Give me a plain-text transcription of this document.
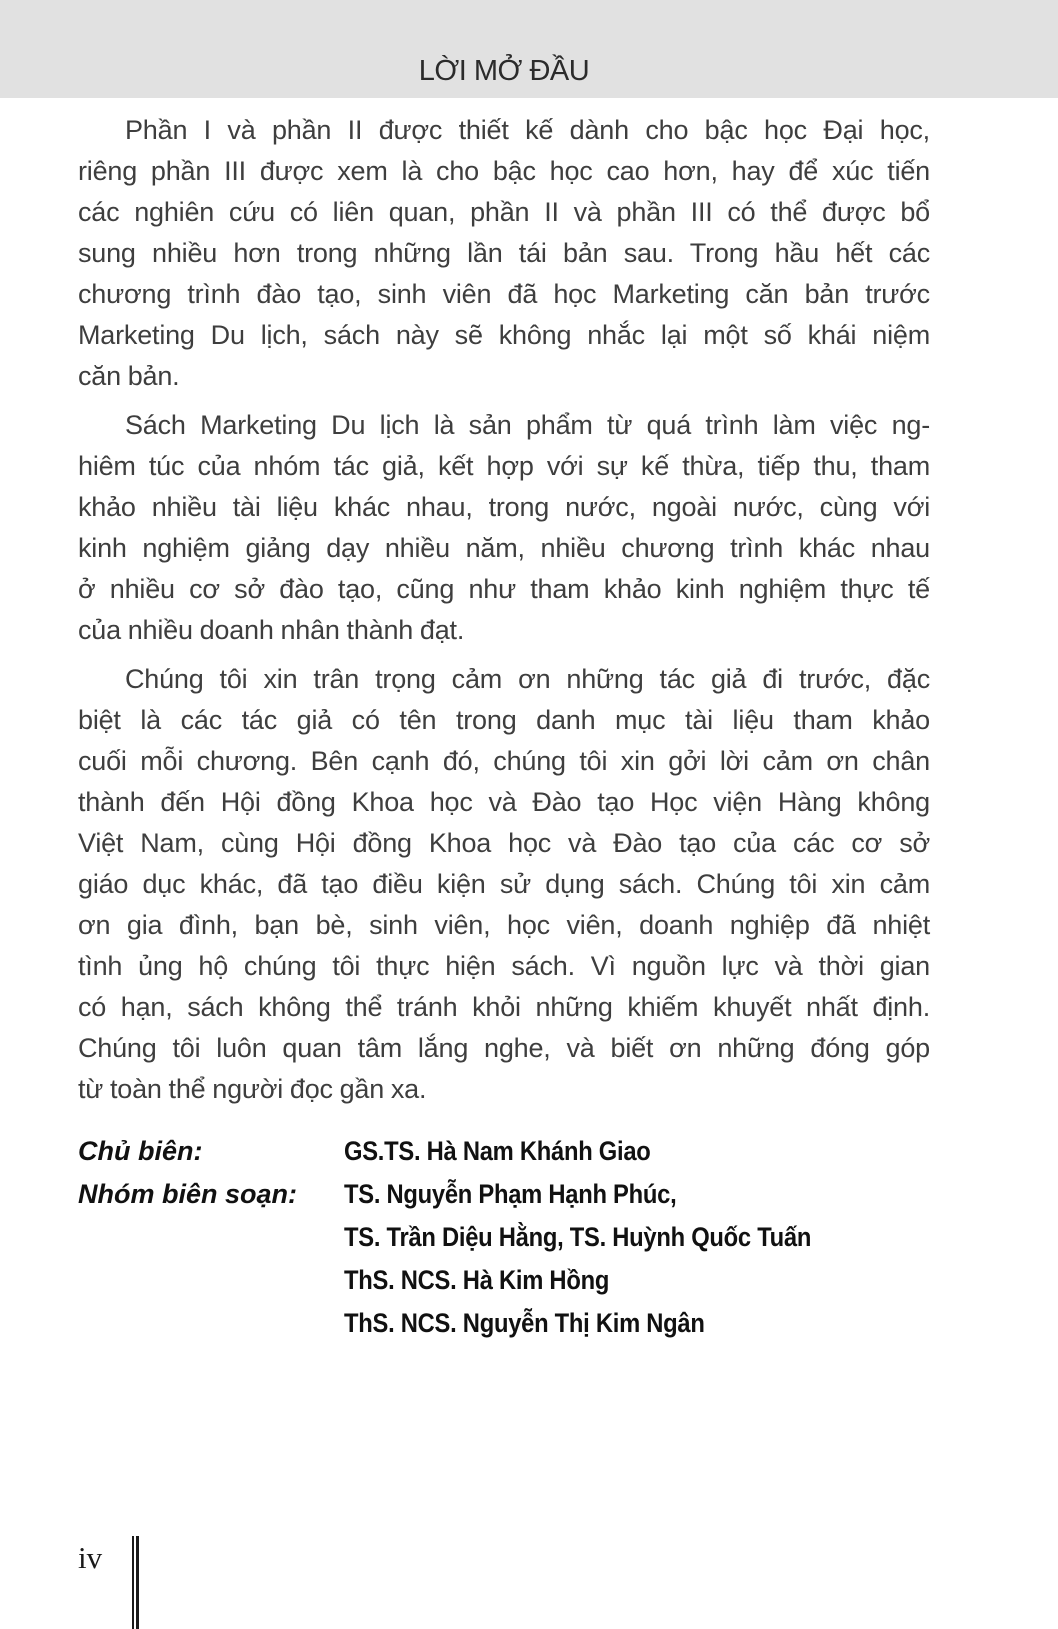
LỜI MỞ ĐẦU
Phần I và phần II được thiết kế dành cho bậc học Đại học,
riêng phần III được xem là cho bậc học cao hơn, hay để xúc tiến
các nghiên cứu có liên quan, phần II và phần III có thể được bổ
sung nhiều hơn trong những lần tái bản sau. Trong hầu hết các
chương trình đào tạo, sinh viên đã học Marketing căn bản trước
Marketing Du lịch, sách này sẽ không nhắc lại một số khái niệm
căn bản.
Sách Marketing Du lịch là sản phẩm từ quá trình làm việc ng-
hiêm túc của nhóm tác giả, kết hợp với sự kế thừa, tiếp thu, tham
khảo nhiều tài liệu khác nhau, trong nước, ngoài nước, cùng với
kinh nghiệm giảng dạy nhiều năm, nhiều chương trình khác nhau
ở nhiều cơ sở đào tạo, cũng như tham khảo kinh nghiệm thực tế
của nhiều doanh nhân thành đạt.
Chúng tôi xin trân trọng cảm ơn những tác giả đi trước, đặc
biệt là các tác giả có tên trong danh mục tài liệu tham khảo
cuối mỗi chương. Bên cạnh đó, chúng tôi xin gởi lời cảm ơn chân
thành đến Hội đồng Khoa học và Đào tạo Học viện Hàng không
Việt Nam, cùng Hội đồng Khoa học và Đào tạo của các cơ sở
giáo dục khác, đã tạo điều kiện sử dụng sách. Chúng tôi xin cảm
ơn gia đình, bạn bè, sinh viên, học viên, doanh nghiệp đã nhiệt
tình ủng hộ chúng tôi thực hiện sách. Vì nguồn lực và thời gian
có hạn, sách không thể tránh khỏi những khiếm khuyết nhất định.
Chúng tôi luôn quan tâm lắng nghe, và biết ơn những đóng góp
từ toàn thể người đọc gần xa.
Chủ biên:	GS.TS. Hà Nam Khánh Giao
Nhóm biên soạn:	TS. Nguyễn Phạm Hạnh Phúc,
TS. Trần Diệu Hằng, TS. Huỳnh Quốc Tuấn
ThS. NCS. Hà Kim Hồng
ThS. NCS. Nguyễn Thị Kim Ngân
iv
